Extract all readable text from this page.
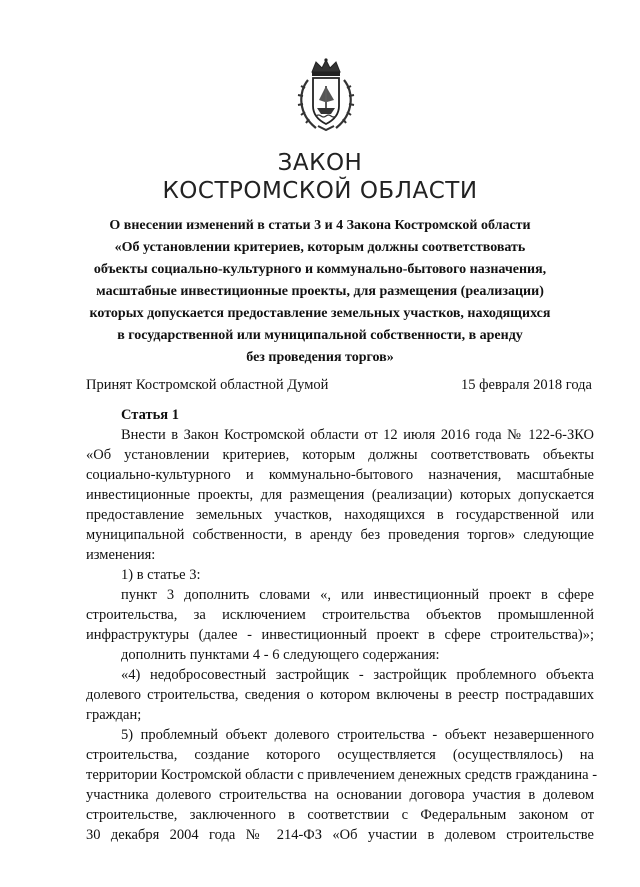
ЗАКОН
КОСТРОМСКОЙ ОБЛАСТИ
О внесении изменений в статьи 3 и 4 Закона Костромской области
«Об установлении критериев, которым должны соответствовать
объекты социально-культурного и коммунально-бытового назначения,
масштабные инвестиционные проекты, для размещения (реализации)
которых допускается предоставление земельных участков, находящихся
в государственной или муниципальной собственности, в аренду
без проведения торгов»
Принят Костромской областной Думой	15 февраля 2018 года
Статья 1
Внести в Закон Костромской области от 12 июля 2016 года № 122-6-ЗКО
«Об установлении критериев, которым должны соответствовать объекты
социально-культурного и коммунально-бытового назначения, масштабные
инвестиционные проекты, для размещения (реализации) которых допускается
предоставление земельных участков, находящихся в государственной или
муниципальной собственности, в аренду без проведения торгов» следующие
изменения:
1) в статье 3:
пункт 3 дополнить словами «, или инвестиционный проект в сфере
строительства, за исключением строительства объектов промышленной
инфраструктуры (далее - инвестиционный проект в сфере строительства)»;
дополнить пунктами 4 - 6 следующего содержания:
«4) недобросовестный застройщик - застройщик проблемного объекта
долевого строительства, сведения о котором включены в реестр пострадавших
граждан;
5) проблемный объект долевого строительства - объект незавершенного
строительства, создание которого осуществляется (осуществлялось) на
территории Костромской области с привлечением денежных средств гражданина -
участника долевого строительства на основании договора участия в долевом
строительстве, заключенного в соответствии с Федеральным законом от
30 декабря 2004 года № 214-ФЗ «Об участии в долевом строительстве
